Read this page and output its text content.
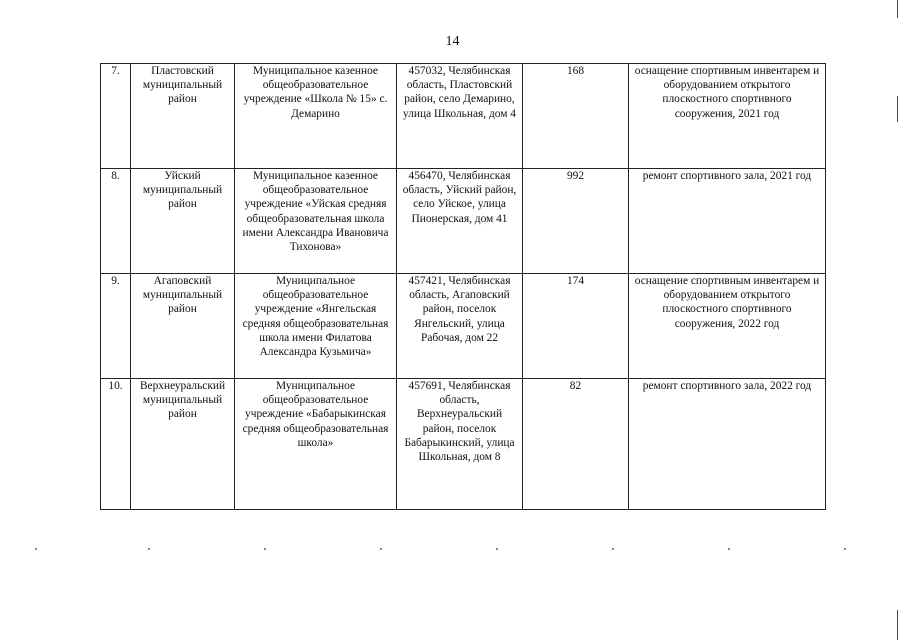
14
7.	Пластовский муниципальный район	Муниципальное казенное общеобразовательное учреждение «Школа № 15» с. Демарино	457032, Челябинская область, Пластовский район, село Демарино, улица Школьная, дом 4	168	оснащение спортивным инвентарем и оборудованием открытого плоскостного спортивного сооружения, 2021 год
8.	Уйский муниципальный район	Муниципальное казенное общеобразовательное учреждение «Уйская средняя общеобразовательная школа имени Александра Ивановича Тихонова»	456470, Челябинская область, Уйский район, село Уйское, улица Пионерская, дом 41	992	ремонт спортивного зала, 2021 год
9.	Агаповский муниципальный район	Муниципальное общеобразовательное учреждение «Янгельская средняя общеобразовательная школа имени Филатова Александра Кузьмича»	457421, Челябинская область, Агаповский район, поселок Янгельский, улица Рабочая, дом 22	174	оснащение спортивным инвентарем и оборудованием открытого плоскостного спортивного сооружения, 2022 год
10.	Верхнеуральский муниципальный район	Муниципальное общеобразовательное учреждение «Бабарыкинская средняя общеобразовательная школа»	457691, Челябинская область, Верхнеуральский район, поселок Бабарыкинский, улица Школьная, дом 8	82	ремонт спортивного зала, 2022 год
